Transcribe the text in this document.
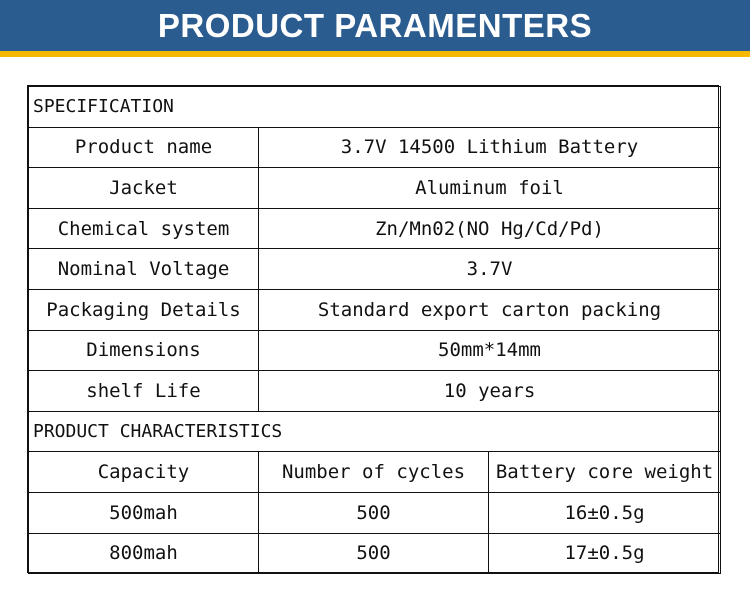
PRODUCT PARAMENTERS
SPECIFICATION		
Product name	3.7V 14500 Lithium Battery	
Jacket	Aluminum foil	
Chemical system	Zn/Mn02(NO Hg/Cd/Pd)	
Nominal Voltage	3.7V	
Packaging Details	Standard export carton packing	
Dimensions	50mm*14mm	
shelf Life	10 years	
PRODUCT CHARACTERISTICS		
Capacity	Number of cycles	Battery core weight
500mah	500	16±0.5g
800mah	500	17±0.5g
